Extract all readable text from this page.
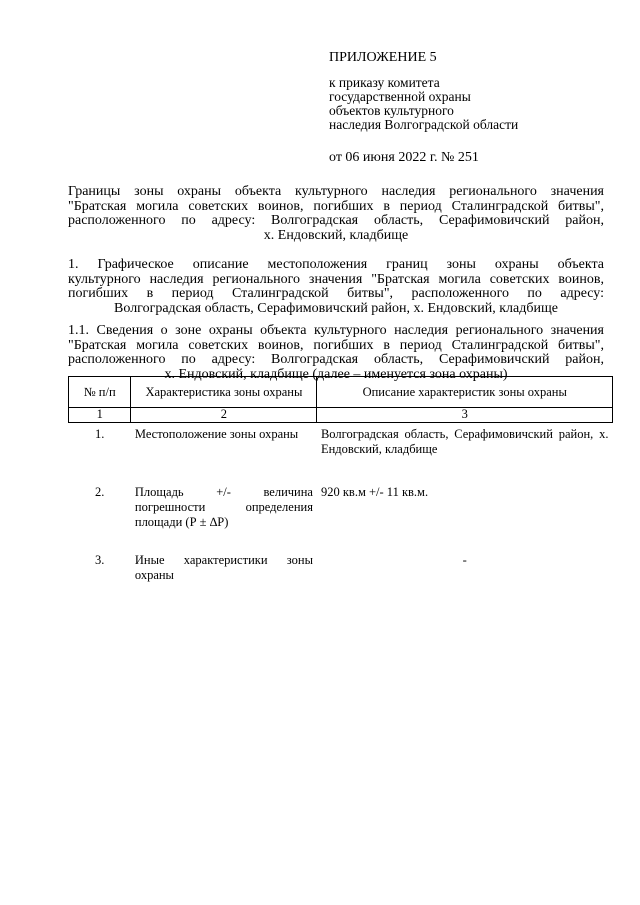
ПРИЛОЖЕНИЕ 5
к приказу комитета
государственной охраны
объектов культурного
наследия Волгоградской области
от 06 июня 2022 г. № 251

Границы зоны охраны объекта культурного наследия регионального значения

"Братская могила советских воинов, погибших в период Сталинградской битвы",

расположенного по адресу: Волгоградская область, Серафимовичский район,

х. Ендовский, кладбище

1. Графическое описание местоположения границ зоны охраны объекта

культурного наследия регионального значения "Братская могила советских воинов,

погибших в период Сталинградской битвы", расположенного по адресу:

Волгоградская область, Серафимовичский район, х. Ендовский, кладбище

1.1. Сведения о зоне охраны объекта культурного наследия регионального значения

"Братская могила советских воинов, погибших в период Сталинградской битвы",

расположенного по адресу: Волгоградская область, Серафимовичский район,

х. Ендовский, кладбище (далее – именуется зона охраны)
№ п/п	Характеристика зоны охраны	Описание характеристик зоны охраны
1	2	3
1.	Местоположение зоны охраны	Волгоградская область, Серафимовичский район, х. Ендовский, кладбище
2.	Площадь +/- величина погрешности определения площади (Р ± ∆Р)	920 кв.м +/- 11 кв.м.
3.	Иные характеристики зоны охраны	-
